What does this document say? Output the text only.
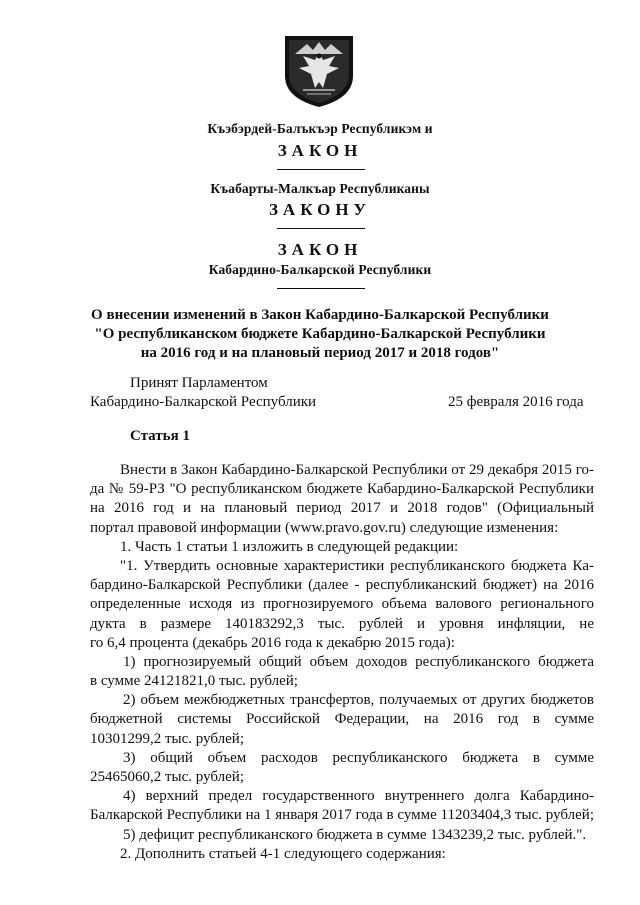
Къэбэрдей-Балъкъэр Республикэм и
ЗАКОН
Къабарты-Малкъар Республиканы
ЗАКОНУ
ЗАКОН
Кабардино-Балкарской Республики
О внесении изменений в Закон Кабардино-Балкарской Республики
"О республиканском бюджете Кабардино-Балкарской Республики
на 2016 год и на плановый период 2017 и 2018 годов"
Принят Парламентом
Кабардино-Балкарской Республики	25 февраля 2016 года
Статья 1
Внести в Закон Кабардино-Балкарской Республики от 29 декабря 2015 го-
да № 59-РЗ "О республиканском бюджете Кабардино-Балкарской Республики
на 2016 год и на плановый период 2017 и 2018 годов" (Официальный
портал правовой информации (www.pravo.gov.ru) следующие изменения:
1. Часть 1 статьи 1 изложить в следующей редакции:
"1. Утвердить основные характеристики республиканского бюджета Ка-
бардино-Балкарской Республики (далее - республиканский бюджет) на 2016
определенные исходя из прогнозируемого объема валового регионального
дукта в размере 140183292,3 тыс. рублей и уровня инфляции, не
го 6,4 процента (декабрь 2016 года к декабрю 2015 года):
1) прогнозируемый общий объем доходов республиканского бюджета
в сумме 24121821,0 тыс. рублей;
2) объем межбюджетных трансфертов, получаемых от других бюджетов
бюджетной системы Российской Федерации, на 2016 год в сумме
10301299,2 тыс. рублей;
3) общий объем расходов республиканского бюджета в сумме
25465060,2 тыс. рублей;
4) верхний предел государственного внутреннего долга Кабардино-
Балкарской Республики на 1 января 2017 года в сумме 11203404,3 тыс. рублей;
5) дефицит республиканского бюджета в сумме 1343239,2 тыс. рублей.".
2. Дополнить статьей 4-1 следующего содержания:
